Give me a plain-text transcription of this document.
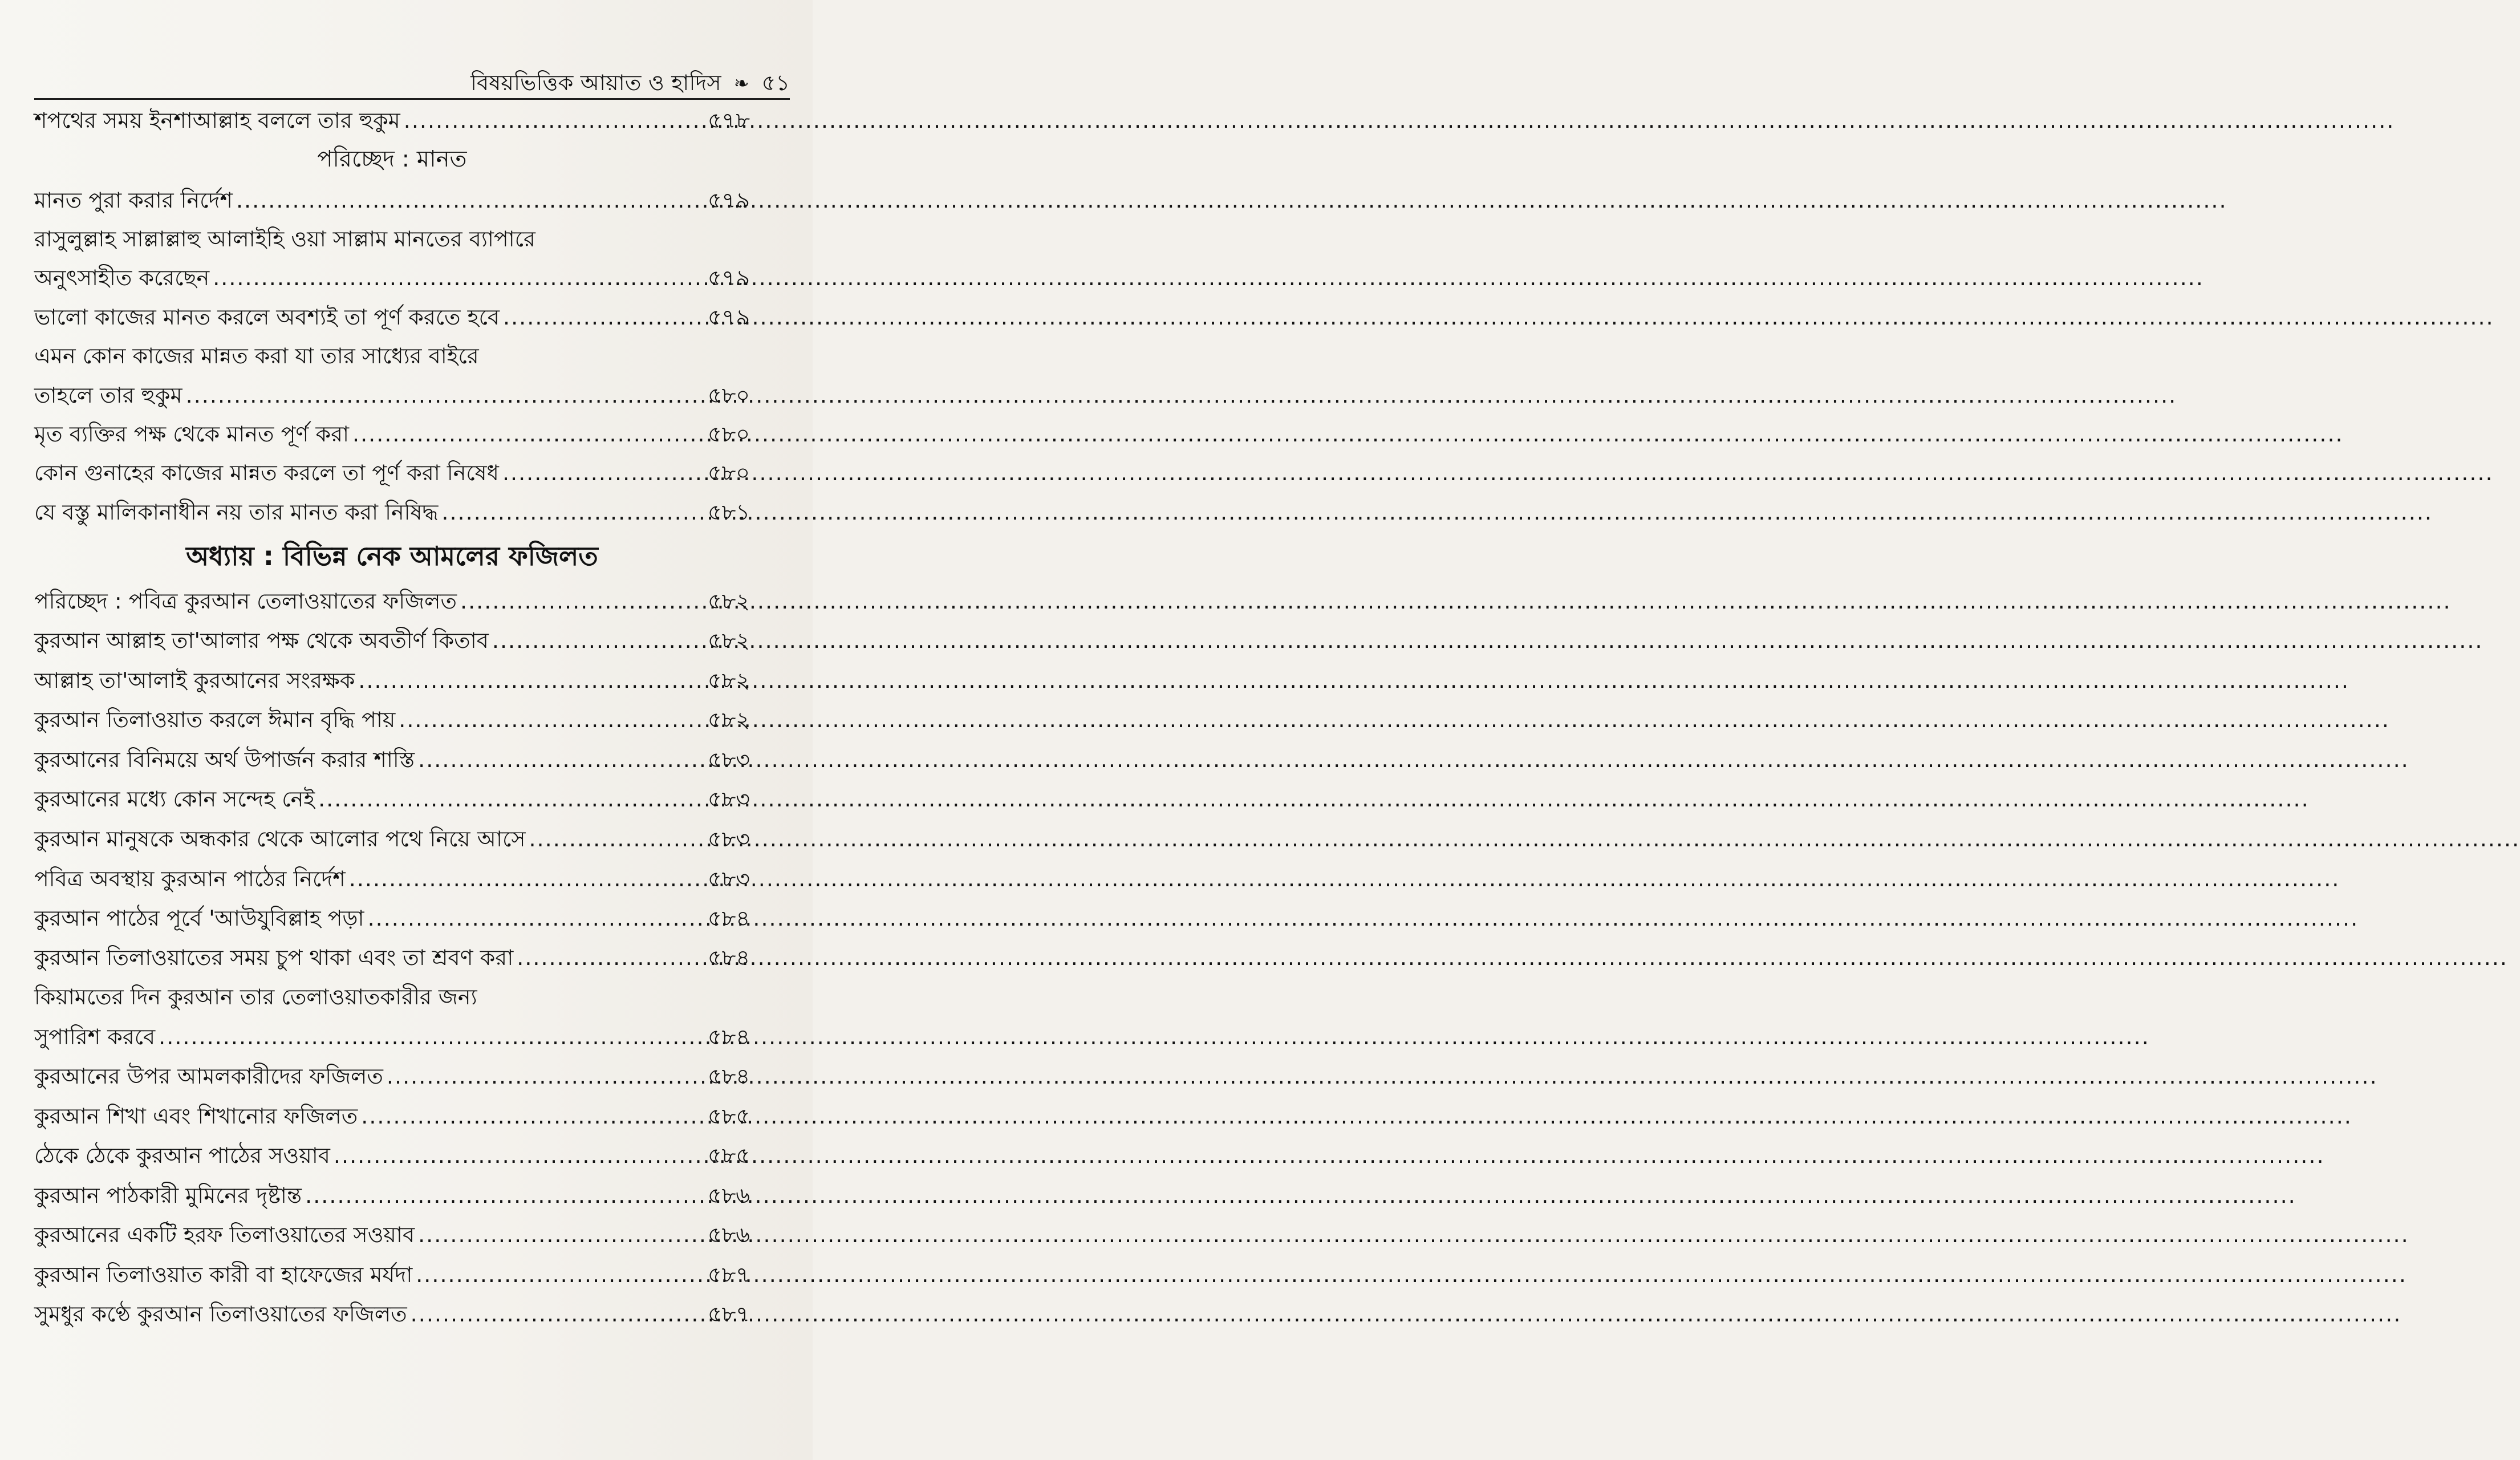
বিষয়ভিত্তিক আয়াত ও হাদিস ❧ ৫১
শপথের সময় ইনশাআল্লাহ বললে তার হুকুম .....	৫৭৮
পরিচ্ছেদ : মানত
মানত পুরা করার নির্দেশ .....	৫৭৯
রাসুলুল্লাহ সাল্লাল্লাহু আলাইহি ওয়া সাল্লাম মানতের ব্যাপারে
অনুৎসাহীত করেছেন .....	৫৭৯
ভালো কাজের মানত করলে অবশ্যই তা পূর্ণ করতে হবে .....	৫৭৯
এমন কোন কাজের মান্নত করা যা তার সাধ্যের বাইরে
তাহলে তার হুকুম .....	৫৮০
মৃত ব্যক্তির পক্ষ থেকে মানত পূর্ণ করা .....	৫৮০
কোন গুনাহের কাজের মান্নত করলে তা পূর্ণ করা নিষেধ .....	৫৮০
যে বস্তু মালিকানাধীন নয় তার মানত করা নিষিদ্ধ .....	৫৮১
অধ্যায় : বিভিন্ন নেক আমলের ফজিলত
পরিচ্ছেদ : পবিত্র কুরআন তেলাওয়াতের ফজিলত .....	৫৮২
কুরআন আল্লাহ তা'আলার পক্ষ থেকে অবতীর্ণ কিতাব .....	৫৮২
আল্লাহ তা'আলাই কুরআনের সংরক্ষক .....	৫৮২
কুরআন তিলাওয়াত করলে ঈমান বৃদ্ধি পায় .....	৫৮২
কুরআনের বিনিময়ে অর্থ উপার্জন করার শাস্তি .....	৫৮৩
কুরআনের মধ্যে কোন সন্দেহ নেই .....	৫৮৩
কুরআন মানুষকে অন্ধকার থেকে আলোর পথে নিয়ে আসে .....	৫৮৩
পবিত্র অবস্থায় কুরআন পাঠের নির্দেশ .....	৫৮৩
কুরআন পাঠের পূর্বে 'আউযুবিল্লাহ পড়া .....	৫৮৪
কুরআন তিলাওয়াতের সময় চুপ থাকা এবং তা শ্রবণ করা .....	৫৮৪
কিয়ামতের দিন কুরআন তার তেলাওয়াতকারীর জন্য
সুপারিশ করবে .....	৫৮৪
কুরআনের উপর আমলকারীদের ফজিলত .....	৫৮৪
কুরআন শিখা এবং শিখানোর ফজিলত .....	৫৮৫
ঠেকে ঠেকে কুরআন পাঠের সওয়াব .....	৫৮৫
কুরআন পাঠকারী মুমিনের দৃষ্টান্ত .....	৫৮৬
কুরআনের একটি হরফ তিলাওয়াতের সওয়াব .....	৫৮৬
কুরআন তিলাওয়াত কারী বা হাফেজের মর্যদা .....	৫৮৭
সুমধুর কণ্ঠে কুরআন তিলাওয়াতের ফজিলত .....	৫৮৭
